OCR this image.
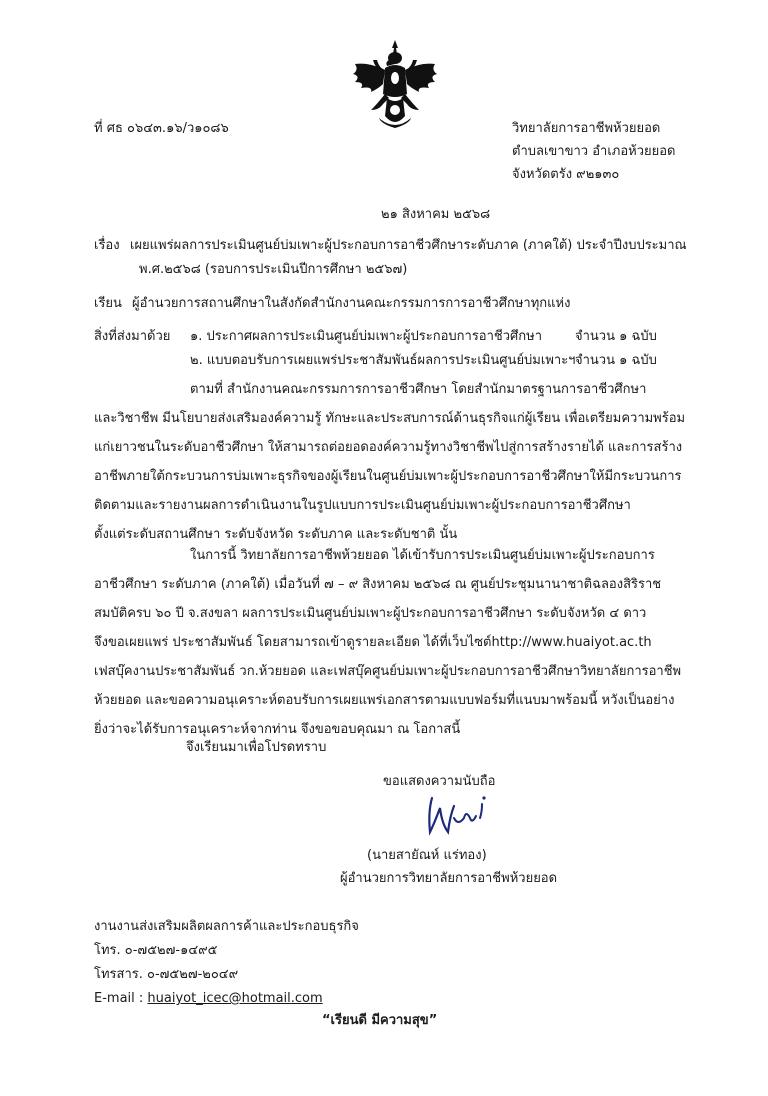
ที่ ศธ ๐๖๔๓.๑๖/ว๑๐๘๖	วิทยาลัยการอาชีพห้วยยอด
ตำบลเขาขาว อำเภอห้วยยอด
จังหวัดตรัง ๙๒๑๓๐
๒๑ สิงหาคม ๒๕๖๘
เรื่อง เผยแพร่ผลการประเมินศูนย์บ่มเพาะผู้ประกอบการอาชีวศึกษาระดับภาค (ภาคใต้) ประจำปีงบประมาณ
พ.ศ.๒๕๖๘ (รอบการประเมินปีการศึกษา ๒๕๖๗)
เรียน ผู้อำนวยการสถานศึกษาในสังกัดสำนักงานคณะกรรมการการอาชีวศึกษาทุกแห่ง
สิ่งที่ส่งมาด้วย ๑. ประกาศผลการประเมินศูนย์บ่มเพาะผู้ประกอบการอาชีวศึกษา	จำนวน ๑ ฉบับ
๒. แบบตอบรับการเผยแพร่ประชาสัมพันธ์ผลการประเมินศูนย์บ่มเพาะฯ จำนวน ๑ ฉบับ
ตามที่ สำนักงานคณะกรรมการการอาชีวศึกษา โดยสำนักมาตรฐานการอาชีวศึกษา
และวิชาชีพ มีนโยบายส่งเสริมองค์ความรู้ ทักษะและประสบการณ์ด้านธุรกิจแก่ผู้เรียน เพื่อเตรียมความพร้อม
แก่เยาวชนในระดับอาชีวศึกษา ให้สามารถต่อยอดองค์ความรู้ทางวิชาชีพไปสู่การสร้างรายได้ และการสร้าง
อาชีพภายใต้กระบวนการบ่มเพาะธุรกิจของผู้เรียนในศูนย์บ่มเพาะผู้ประกอบการอาชีวศึกษาให้มีกระบวนการ
ติดตามและรายงานผลการดำเนินงานในรูปแบบการประเมินศูนย์บ่มเพาะผู้ประกอบการอาชีวศึกษา
ตั้งแต่ระดับสถานศึกษา ระดับจังหวัด ระดับภาค และระดับชาติ นั้น
ในการนี้ วิทยาลัยการอาชีพห้วยยอด ได้เข้ารับการประเมินศูนย์บ่มเพาะผู้ประกอบการ
อาชีวศึกษา ระดับภาค (ภาคใต้) เมื่อวันที่ ๗ – ๙ สิงหาคม ๒๕๖๘ ณ ศูนย์ประชุมนานาชาติฉลองสิริราช
สมบัติครบ ๖๐ ปี จ.สงขลา ผลการประเมินศูนย์บ่มเพาะผู้ประกอบการอาชีวศึกษา ระดับจังหวัด ๔ ดาว
จึงขอเผยแพร่ ประชาสัมพันธ์ โดยสามารถเข้าดูรายละเอียด ได้ที่เว็บไซต์http://www.huaiyot.ac.th
เฟสบุ๊คงานประชาสัมพันธ์ วก.ห้วยยอด และเฟสบุ๊คศูนย์บ่มเพาะผู้ประกอบการอาชีวศึกษาวิทยาลัยการอาชีพ
ห้วยยอด และขอความอนุเคราะห์ตอบรับการเผยแพร่เอกสารตามแบบฟอร์มที่แนบมาพร้อมนี้ หวังเป็นอย่าง
ยิ่งว่าจะได้รับการอนุเคราะห์จากท่าน จึงขอขอบคุณมา ณ โอกาสนี้
จึงเรียนมาเพื่อโปรดทราบ
ขอแสดงความนับถือ
(นายสายัณห์ แร่ทอง)
ผู้อำนวยการวิทยาลัยการอาชีพห้วยยอด
งานงานส่งเสริมผลิตผลการค้าและประกอบธุรกิจ
โทร. ๐-๗๕๒๗-๑๔๙๕
โทรสาร. ๐-๗๕๒๗-๒๐๔๙
E-mail : huaiyot_icec@hotmail.com
“เรียนดี มีความสุข”
